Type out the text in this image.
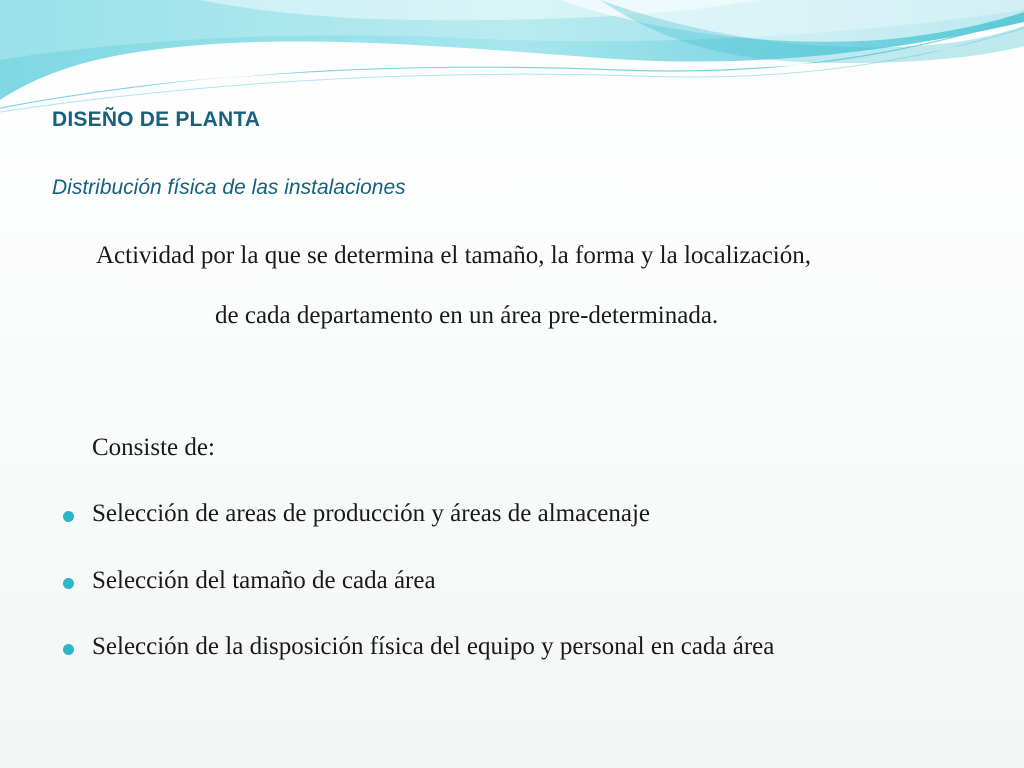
DISEÑO DE PLANTA
Distribución física de las instalaciones
Actividad por la que se determina el tamaño, la forma y la localización,
de cada departamento en un área pre-determinada.
Consiste de:
Selección de areas de producción y áreas de almacenaje
Selección del tamaño de cada área
Selección de la disposición física del equipo y personal en cada área
